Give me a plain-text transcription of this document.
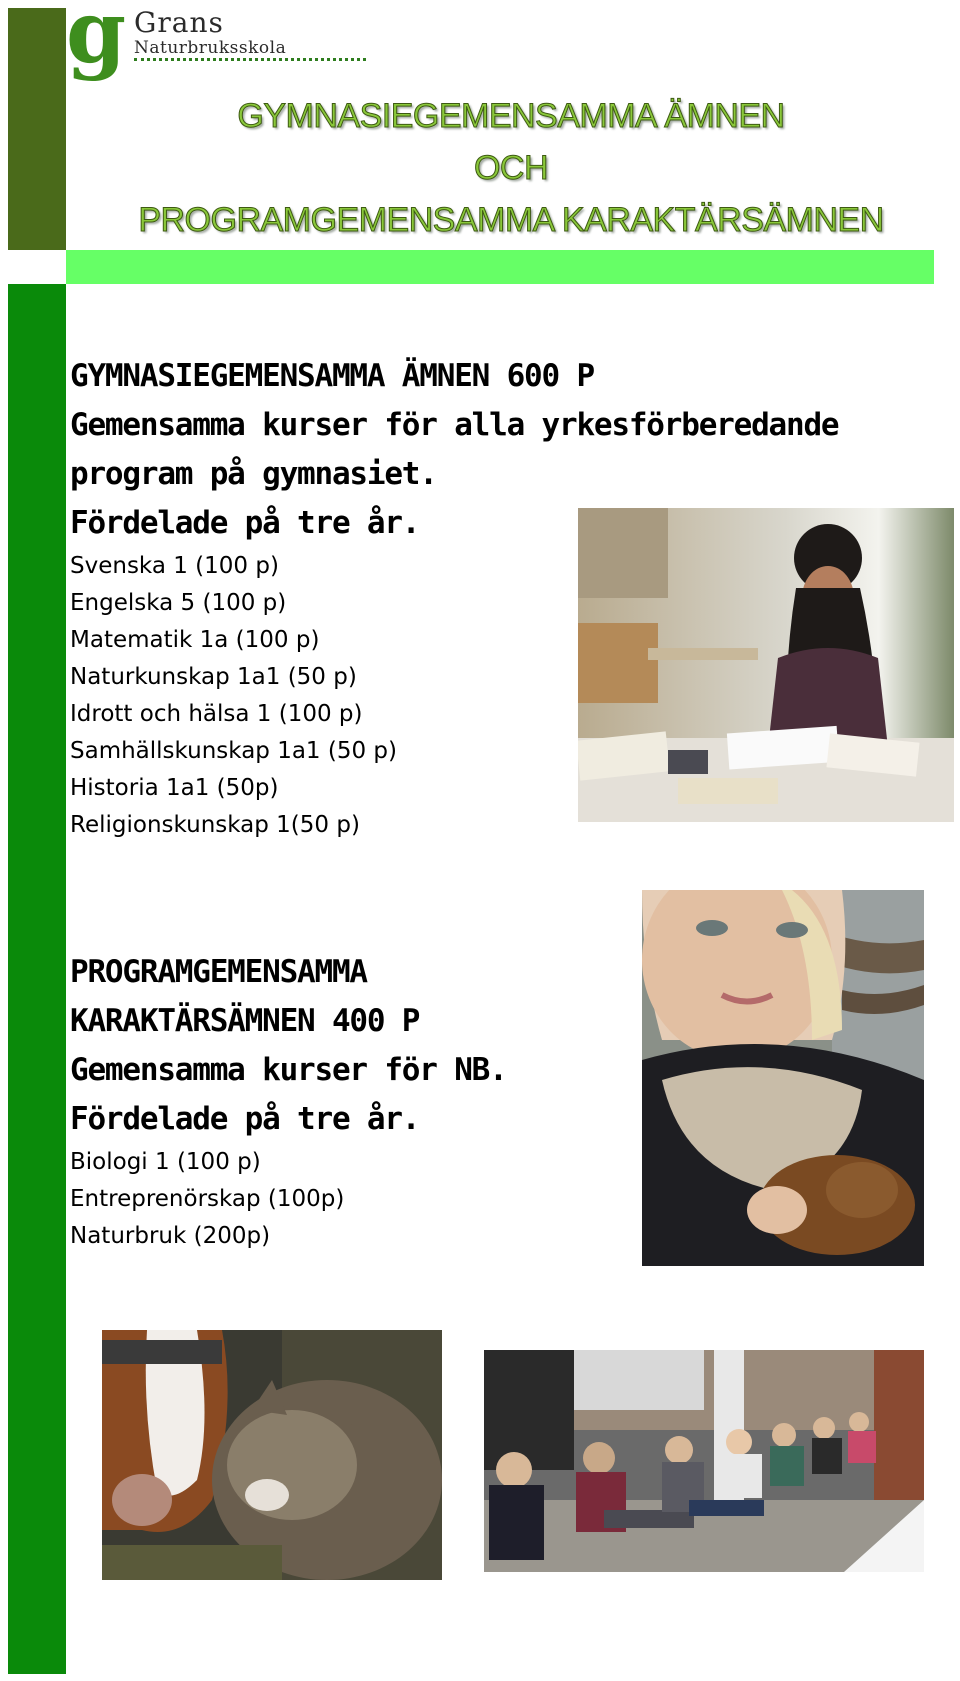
g Grans
Naturbruksskola
GYMNASIEGEMENSAMMA ÄMNEN
OCH
PROGRAMGEMENSAMMA KARAKTÄRSÄMNEN
GYMNASIEGEMENSAMMA ÄMNEN 600 P
Gemensamma kurser för alla yrkesförberedande
program på gymnasiet.
Fördelade på tre år.
Svenska 1 (100 p)
Engelska 5 (100 p)
Matematik 1a (100 p)
Naturkunskap 1a1 (50 p)
Idrott och hälsa 1 (100 p)
Samhällskunskap 1a1 (50 p)
Historia 1a1 (50p)
Religionskunskap 1(50 p)
PROGRAMGEMENSAMMA
KARAKTÄRSÄMNEN 400 P
Gemensamma kurser för NB.
Fördelade på tre år.
Biologi 1 (100 p)
Entreprenörskap (100p)
Naturbruk (200p)
